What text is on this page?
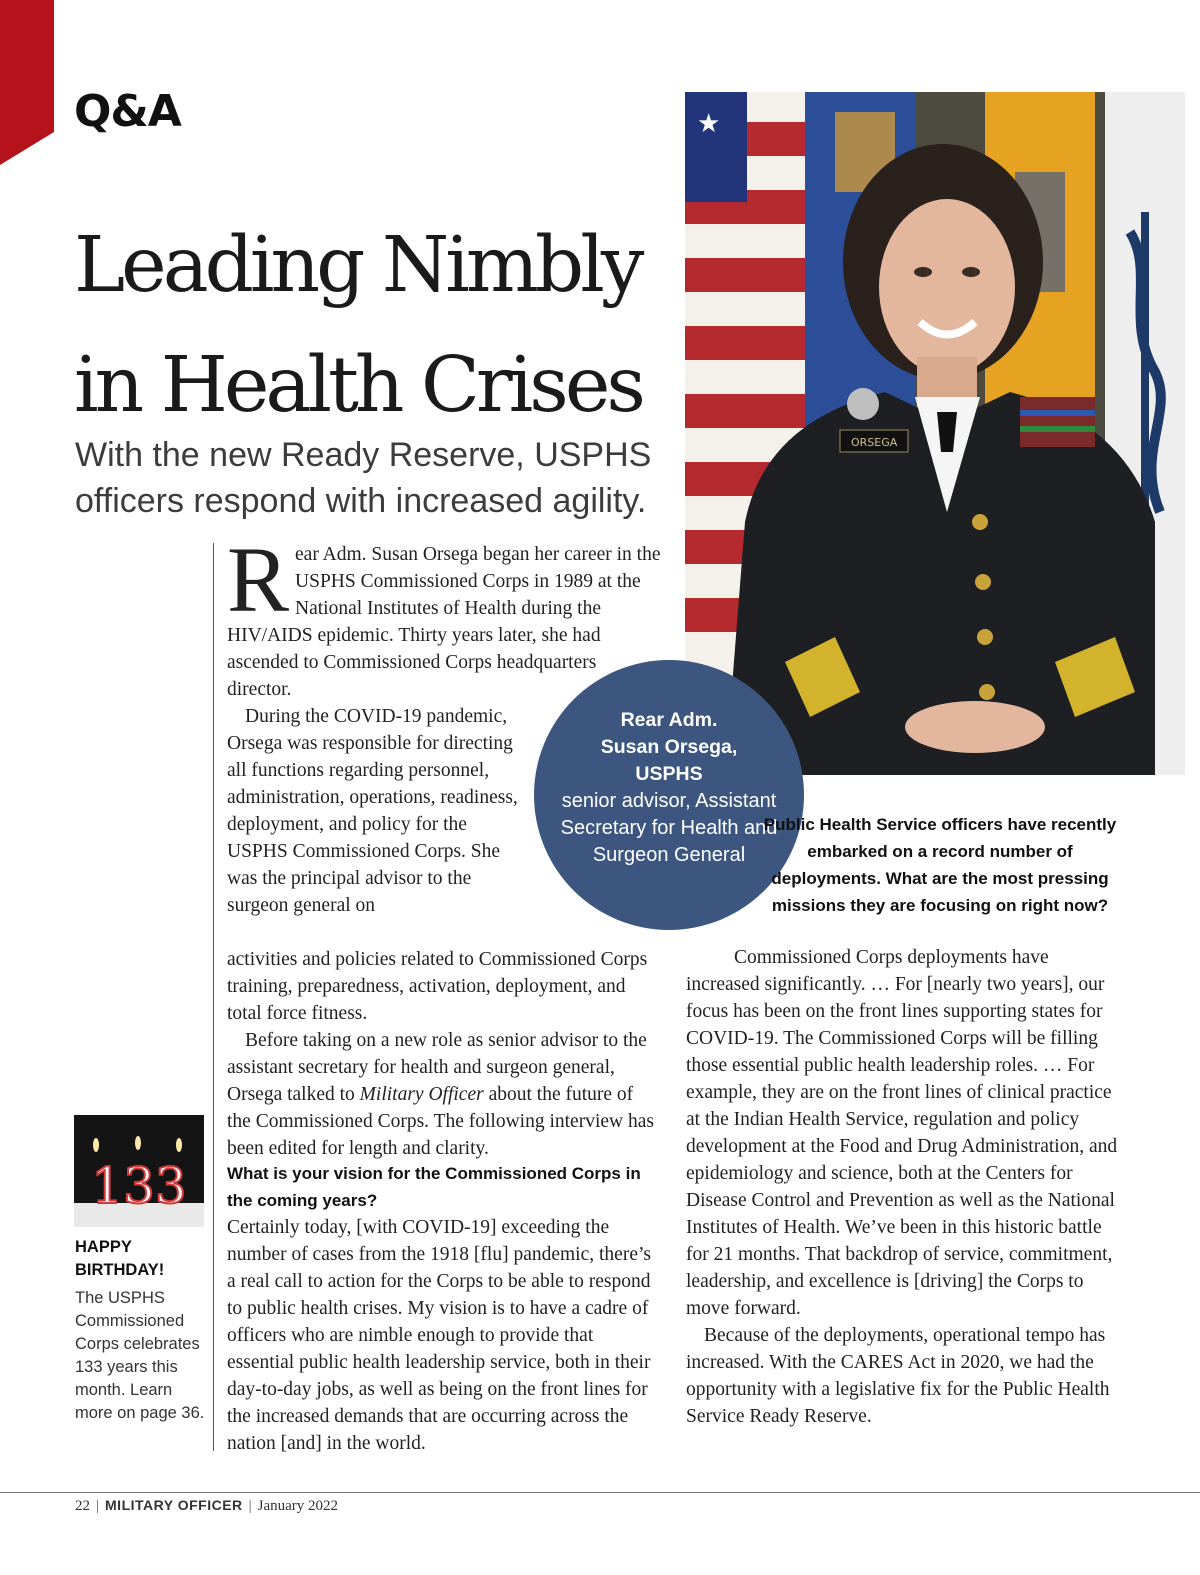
Q&A
Leading Nimbly
in Health Crises
With the new Ready Reserve, USPHS
officers respond with increased agility.
R ear Adm. Susan Orsega began her career in the USPHS Commissioned Corps in 1989 at the National Institutes of Health during the HIV/AIDS epidemic. Thirty years later, she had ascended to Commissioned Corps headquarters director.
During the COVID-19 pandemic, Orsega was responsible for directing all functions regarding personnel, administration, operations, readiness, deployment, and policy for the USPHS Commissioned Corps. She was the principal advisor to the surgeon general on

activities and policies related to Commissioned Corps training, preparedness, activation, deployment, and total force fitness.

Before taking on a new role as senior advisor to the assistant secretary for health and surgeon general, Orsega talked to Military Officer about the future of the Commissioned Corps. The following interview has been edited for length and clarity.

What is your vision for the Commissioned Corps in the coming years?

Certainly today, [with COVID-19] exceeding the number of cases from the 1918 [flu] pandemic, there’s a real call to action for the Corps to be able to respond to public health crises. My vision is to have a cadre of officers who are nimble enough to provide that essential public health leadership service, both in their day-to-day jobs, as well as being on the front lines for the increased demands that are occurring across the nation [and] in the world.

★
ORSEGA
Rear Adm.
Susan Orsega,
USPHS
senior advisor, Assistant Secretary for Health and Surgeon General

Public Health Service officers have recently embarked on a record number of deployments. What are the most pressing missions they are focusing on right now?

Commissioned Corps deployments have increased significantly. … For [nearly two years], our focus has been on the front lines supporting states for COVID-19. The Commissioned Corps will be filling those essential public health leadership roles. … For example, they are on the front lines of clinical practice at the Indian Health Service, regulation and policy development at the Food and Drug Administration, and epidemiology and science, both at the Centers for Disease Control and Prevention as well as the National Institutes of Health. We’ve been in this historic battle for 21 months. That backdrop of service, commitment, leadership, and excellence is [driving] the Corps to move forward.

Because of the deployments, operational tempo has increased. With the CARES Act in 2020, we had the opportunity with a legislative fix for the Public Health Service Ready Reserve.

133
HAPPY
BIRTHDAY!
The USPHS Commissioned Corps celebrates 133 years this month. Learn more on page 36.
22 | MILITARY OFFICER | January 2022
